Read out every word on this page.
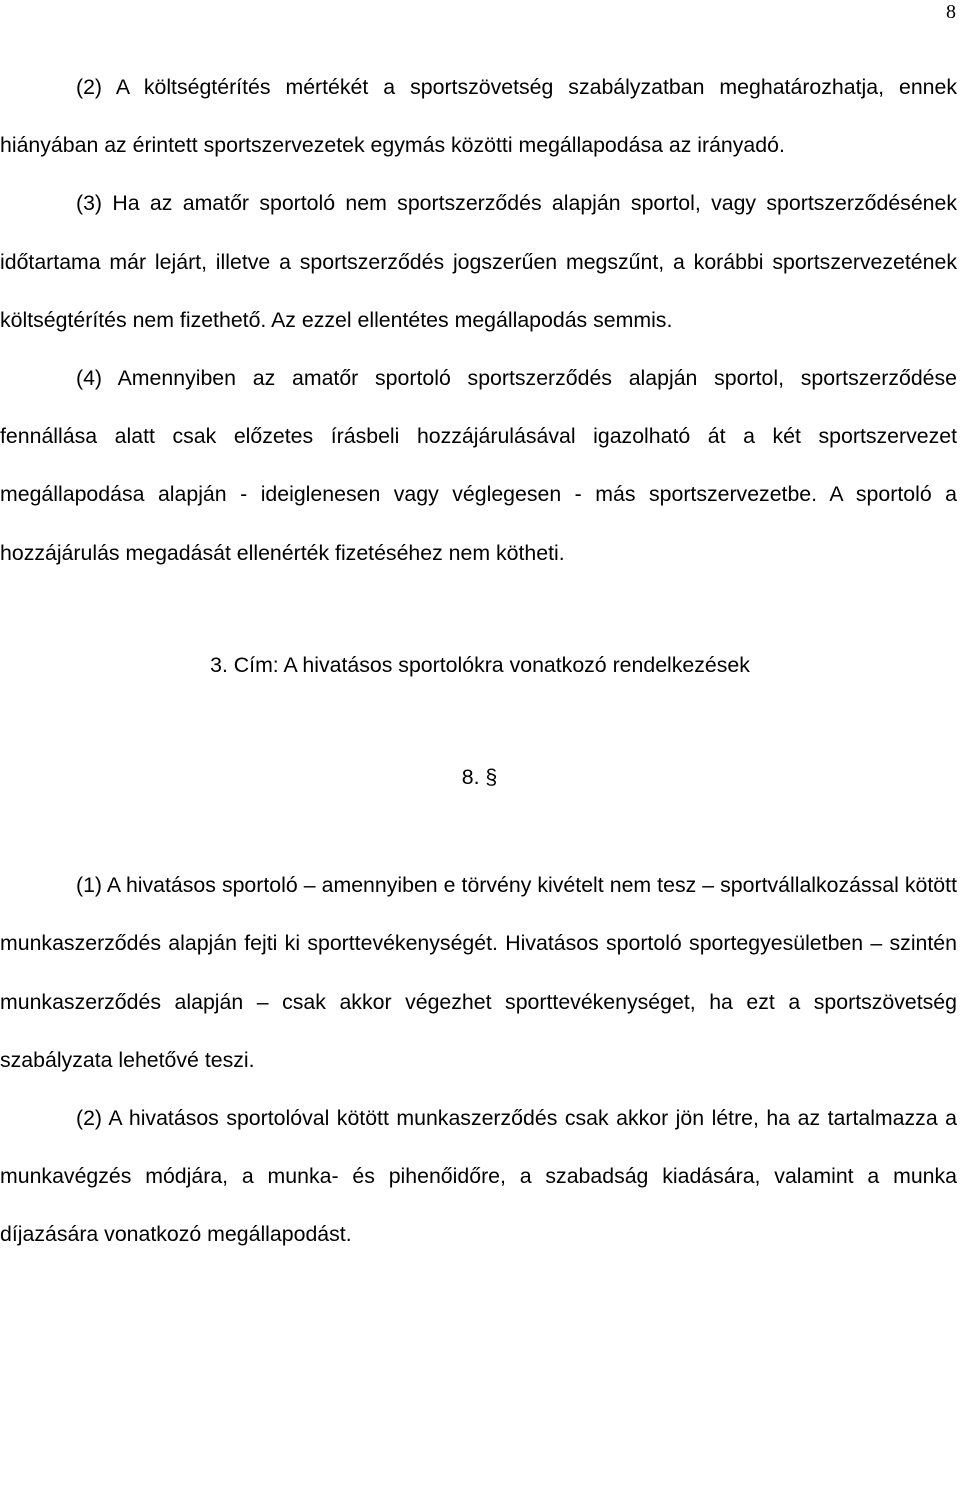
8

(2) A költségtérítés mértékét a sportszövetség szabályzatban meghatározhatja, ennek hiányában az érintett sportszervezetek egymás közötti megállapodása az irányadó.

(3) Ha az amatőr sportoló nem sportszerződés alapján sportol, vagy sportszerződésének időtartama már lejárt, illetve a sportszerződés jogszerűen megszűnt, a korábbi sportszervezetének költségtérítés nem fizethető. Az ezzel ellentétes megállapodás semmis.

(4) Amennyiben az amatőr sportoló sportszerződés alapján sportol, sportszerződése fennállása alatt csak előzetes írásbeli hozzájárulásával igazolható át a két sportszervezet megállapodása alapján - ideiglenesen vagy véglegesen - más sportszervezetbe. A sportoló a hozzájárulás megadását ellenérték fizetéséhez nem kötheti.

3. Cím: A hivatásos sportolókra vonatkozó rendelkezések

8. §

(1) A hivatásos sportoló – amennyiben e törvény kivételt nem tesz – sportvállalkozással kötött munkaszerződés alapján fejti ki sporttevékenységét. Hivatásos sportoló sportegyesületben – szintén munkaszerződés alapján – csak akkor végezhet sporttevékenységet, ha ezt a sportszövetség szabályzata lehetővé teszi.

(2) A hivatásos sportolóval kötött munkaszerződés csak akkor jön létre, ha az tartalmazza a munkavégzés módjára, a munka- és pihenőidőre, a szabadság kiadására, valamint a munka díjazására vonatkozó megállapodást.
